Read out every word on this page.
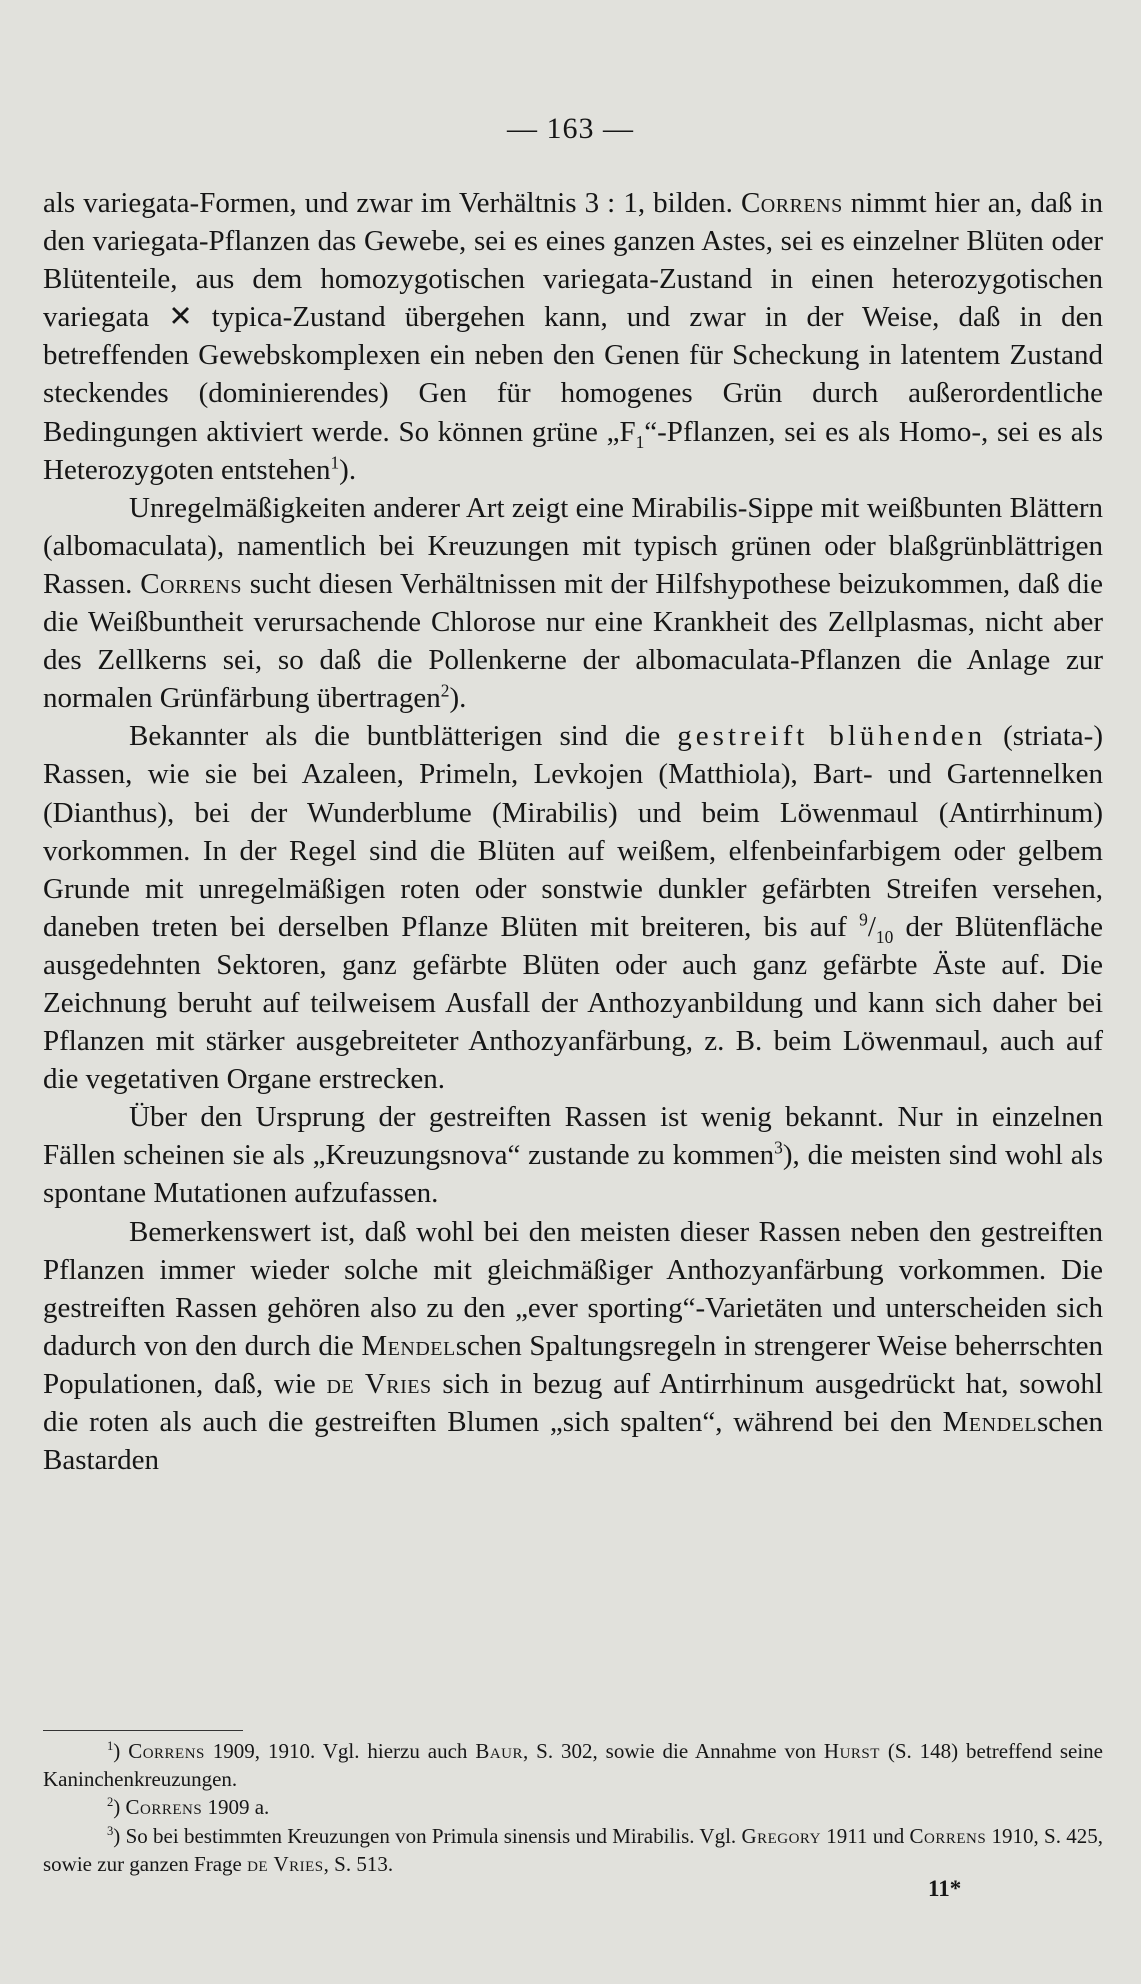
— 163 —

als variegata-Formen, und zwar im Verhältnis 3 : 1, bilden. Correns nimmt hier an, daß in den variegata-Pflanzen das Gewebe, sei es eines ganzen Astes, sei es einzelner Blüten oder Blütenteile, aus dem homozygotischen variegata-Zustand in einen heterozygotischen variegata ✕ typica-Zustand übergehen kann, und zwar in der Weise, daß in den betreffenden Gewebskomplexen ein neben den Genen für Scheckung in latentem Zustand steckendes (dominierendes) Gen für homogenes Grün durch außerordentliche Bedingungen aktiviert werde. So können grüne $„F_1“$-Pflanzen, sei es als Homo-, sei es als Heterozygoten entstehen$^1$).

Unregelmäßigkeiten anderer Art zeigt eine Mirabilis-Sippe mit weißbunten Blättern (albomaculata), namentlich bei Kreuzungen mit typisch grünen oder blaßgrünblättrigen Rassen. Correns sucht diesen Verhältnissen mit der Hilfshypothese beizukommen, daß die die Weißbuntheit verursachende Chlorose nur eine Krankheit des Zellplasmas, nicht aber des Zellkerns sei, so daß die Pollenkerne der albomaculata-Pflanzen die Anlage zur normalen Grünfärbung übertragen$^2$).

Bekannter als die buntblätterigen sind die gestreift blühenden (striata-) Rassen, wie sie bei Azaleen, Primeln, Levkojen (Matthiola), Bart- und Gartennelken (Dianthus), bei der Wunderblume (Mirabilis) und beim Löwenmaul (Antirrhinum) vorkommen. In der Regel sind die Blüten auf weißem, elfenbeinfarbigem oder gelbem Grunde mit unregelmäßigen roten oder sonstwie dunkler gefärbten Streifen versehen, daneben treten bei derselben Pflanze Blüten mit breiteren, bis auf $^9/_{10}$ der Blütenfläche ausgedehnten Sektoren, ganz gefärbte Blüten oder auch ganz gefärbte Äste auf. Die Zeichnung beruht auf teilweisem Ausfall der Anthozyanbildung und kann sich daher bei Pflanzen mit stärker ausgebreiteter Anthozyanfärbung, z. B. beim Löwenmaul, auch auf die vegetativen Organe erstrecken.

Über den Ursprung der gestreiften Rassen ist wenig bekannt. Nur in einzelnen Fällen scheinen sie als „Kreuzungsnova“ zustande zu kommen$^3$), die meisten sind wohl als spontane Mutationen aufzufassen.

Bemerkenswert ist, daß wohl bei den meisten dieser Rassen neben den gestreiften Pflanzen immer wieder solche mit gleichmäßiger Anthozyanfärbung vorkommen. Die gestreiften Rassen gehören also zu den „ever sporting“-Varietäten und unterscheiden sich dadurch von den durch die Mendelschen Spaltungsregeln in strengerer Weise beherrschten Populationen, daß, wie de Vries sich in bezug auf Antirrhinum ausgedrückt hat, sowohl die roten als auch die gestreiften Blumen „sich spalten“, während bei den Mendelschen Bastarden

$^1$) Correns 1909, 1910. Vgl. hierzu auch Baur, S. 302, sowie die Annahme von Hurst (S. 148) betreffend seine Kaninchenkreuzungen.

$^2$) Correns 1909 a.

$^3$) So bei bestimmten Kreuzungen von Primula sinensis und Mirabilis. Vgl. Gregory 1911 und Correns 1910, S. 425, sowie zur ganzen Frage de Vries, S. 513.

11*
